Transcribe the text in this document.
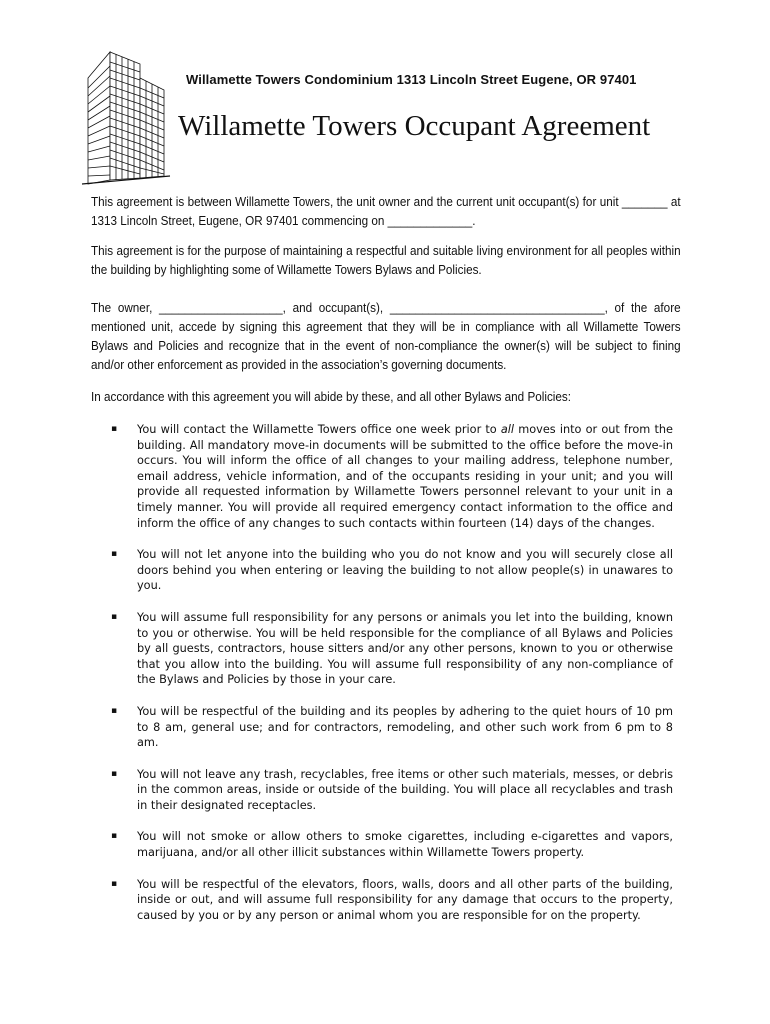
Willamette Towers Condominium 1313 Lincoln Street Eugene, OR 97401
Willamette Towers Occupant Agreement

This agreement is between Willamette Towers, the unit owner and the current unit occupant(s) for unit _______ at 1313 Lincoln Street, Eugene, OR 97401 commencing on _____________.

This agreement is for the purpose of maintaining a respectful and suitable living environment for all peoples within the building by highlighting some of Willamette Towers Bylaws and Policies.

The owner, ___________________, and occupant(s), _________________________________, of the afore mentioned unit, accede by signing this agreement that they will be in compliance with all Willamette Towers Bylaws and Policies and recognize that in the event of non-compliance the owner(s) will be subject to fining and/or other enforcement as provided in the association’s governing documents.

In accordance with this agreement you will abide by these, and all other Bylaws and Policies:

▪ You will contact the Willamette Towers office one week prior to all moves into or out from the building. All mandatory move-in documents will be submitted to the office before the move-in occurs. You will inform the office of all changes to your mailing address, telephone number, email address, vehicle information, and of the occupants residing in your unit; and you will provide all requested information by Willamette Towers personnel relevant to your unit in a timely manner. You will provide all required emergency contact information to the office and inform the office of any changes to such contacts within fourteen (14) days of the changes.
▪ You will not let anyone into the building who you do not know and you will securely close all doors behind you when entering or leaving the building to not allow people(s) in unawares to you.
▪ You will assume full responsibility for any persons or animals you let into the building, known to you or otherwise. You will be held responsible for the compliance of all Bylaws and Policies by all guests, contractors, house sitters and/or any other persons, known to you or otherwise that you allow into the building. You will assume full responsibility of any non-compliance of the Bylaws and Policies by those in your care.
▪ You will be respectful of the building and its peoples by adhering to the quiet hours of 10 pm to 8 am, general use; and for contractors, remodeling, and other such work from 6 pm to 8 am.
▪ You will not leave any trash, recyclables, free items or other such materials, messes, or debris in the common areas, inside or outside of the building. You will place all recyclables and trash in their designated receptacles.
▪ You will not smoke or allow others to smoke cigarettes, including e-cigarettes and vapors, marijuana, and/or all other illicit substances within Willamette Towers property.
▪ You will be respectful of the elevators, floors, walls, doors and all other parts of the building, inside or out, and will assume full responsibility for any damage that occurs to the property, caused by you or by any person or animal whom you are responsible for on the property.
